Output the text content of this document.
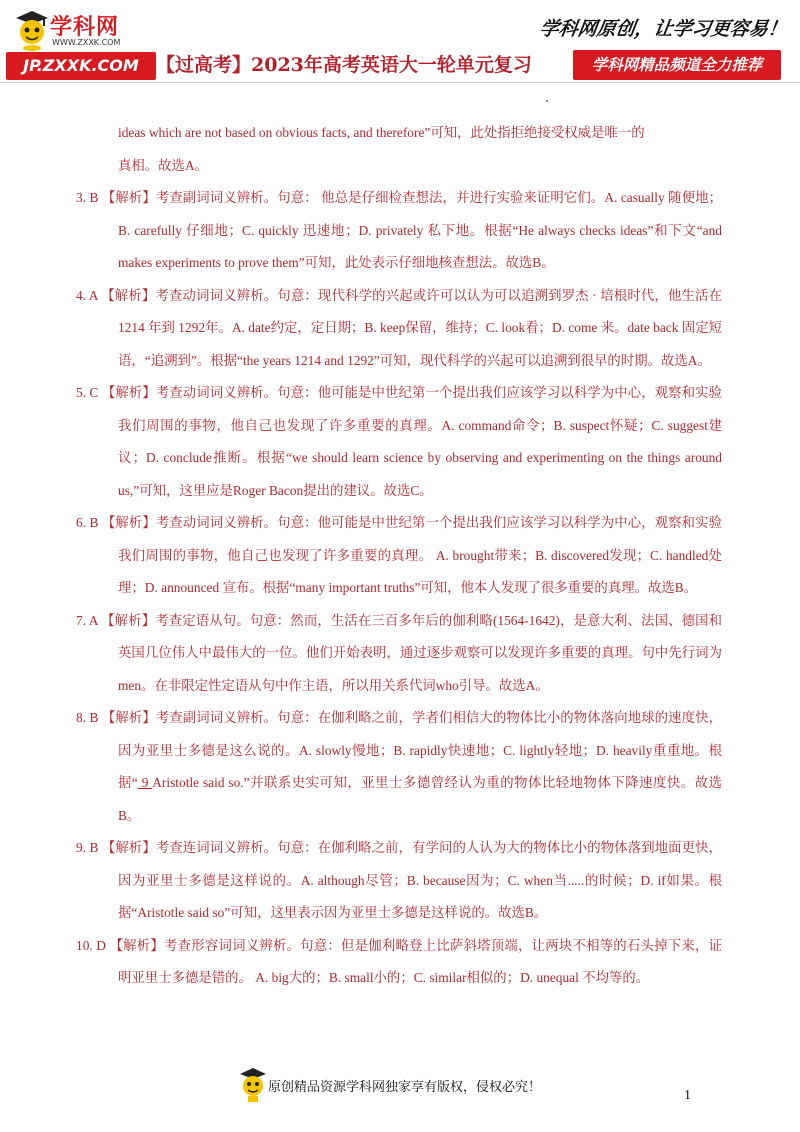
学科网
WWW.ZXXK.COM
学科网原创，让学习更容易！
JP.ZXXK.COM 【过高考】2023年高考英语大一轮单元复习	学科网精品频道全力推荐
ideas which are not based on obvious facts, and therefore”可知，此处指拒绝接受权威是唯一的
真相。故选A。
3. B 【解析】考查副词词义辨析。句意： 他总是仔细检查想法，并进行实验来证明它们。A. casually 随便地；B. carefully 仔细地；C. quickly 迅速地；D. privately 私下地。根据“He always checks ideas”和下文“and makes experiments to prove them”可知，此处表示仔细地核查想法。故选B。
4. A 【解析】考查动词词义辨析。句意：现代科学的兴起或许可以认为可以追溯到罗杰 · 培根时代，他生活在1214 年到 1292年。A. date约定，定日期；B. keep保留，维持；C. look看；D. come 来。date back 固定短语，“追溯到”。根据“the years 1214 and 1292”可知，现代科学的兴起可以追溯到很早的时期。故选A。
5. C 【解析】考查动词词义辨析。句意：他可能是中世纪第一个提出我们应该学习以科学为中心，观察和实验我们周围的事物，他自己也发现了许多重要的真理。A. command命令；B. suspect怀疑；C. suggest建议；D. conclude推断。根据“we should learn science by observing and experimenting on the things around us,”可知，这里应是Roger Bacon提出的建议。故选C。
6. B 【解析】考查动词词义辨析。句意：他可能是中世纪第一个提出我们应该学习以科学为中心，观察和实验我们周围的事物，他自己也发现了许多重要的真理。 A. brought带来；B. discovered发现；C. handled处理；D. announced 宣布。根据“many important truths”可知，他本人发现了很多重要的真理。故选B。
7. A 【解析】考查定语从句。句意：然而，生活在三百多年后的伽利略(1564-1642)，是意大利、法国、德国和英国几位伟人中最伟大的一位。他们开始表明，通过逐步观察可以发现许多重要的真理。句中先行词为men。在非限定性定语从句中作主语，所以用关系代词who引导。故选A。
8. B 【解析】考查副词词义辨析。句意：在伽利略之前，学者们相信大的物体比小的物体落向地球的速度快，因为亚里士多德是这么说的。A. slowly慢地；B. rapidly快速地；C. lightly轻地；D. heavily重重地。根据“ 9 Aristotle said so.”并联系史实可知，亚里士多德曾经认为重的物体比轻地物体下降速度快。故选B。
9. B 【解析】考查连词词义辨析。句意：在伽利略之前，有学问的人认为大的物体比小的物体落到地面更快，因为亚里士多德是这样说的。A. although尽管；B. because因为；C. when当.....的时候；D. if如果。根据“Aristotle said so”可知，这里表示因为亚里士多德是这样说的。故选B。
10. D 【解析】考查形容词词义辨析。句意：但是伽利略登上比萨斜塔顶端，让两块不相等的石头掉下来，证明亚里士多德是错的。 A. big大的；B. small小的；C. similar相似的；D. unequal 不均等的。
原创精品资源学科网独家享有版权，侵权必究！
1
